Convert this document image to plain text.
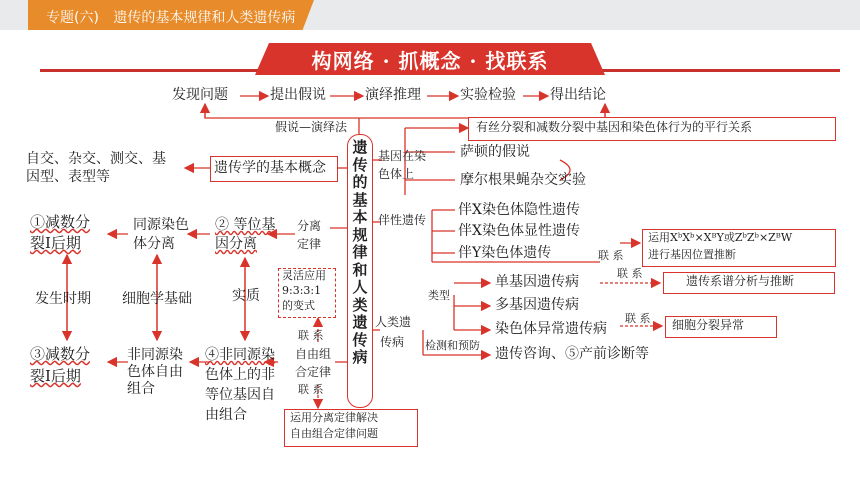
专题(六) 遗传的基本规律和人类遗传病
构网络 · 抓概念 · 找联系
发现问题	提出假说	演绎推理	实验检验 得出结论
假说—演绎法
遗传的基本规律和人类遗传病
遗传学的基本概念
自交、杂交、测交、基
因型、表型等
基因在染
色体上
萨顿的假说
有丝分裂和减数分裂中基因和染色体行为的平行关系
摩尔根果蝇杂交实验
伴性遗传
伴X染色体隐性遗传
伴X染色体显性遗传
伴Y染色体遗传	联 系
运用XᵇXᵇ×XᴮY或ZᵇZᵇ×ZᴮW
进行基因位置推断
人类遗
传病
类型
单基因遗传病
多基因遗传病
染色体异常遗传病
联 系
遗传系谱分析与推断
联 系 细胞分裂异常
检测和预防
遗传咨询、⑤产前诊断等
分离
定律
② 等位基
因分离
同源染色
体分离
①减数分
裂Ⅰ后期
发生时期 细胞学基础	实质
灵活应用
9:3:3:1
的变式
联 系
自由组
合定律
联 系
④非同源染
色体上的非
等位基因自
由组合
非同源染
色体自由
组合
③减数分
裂Ⅰ后期
运用分离定律解决
自由组合定律问题
